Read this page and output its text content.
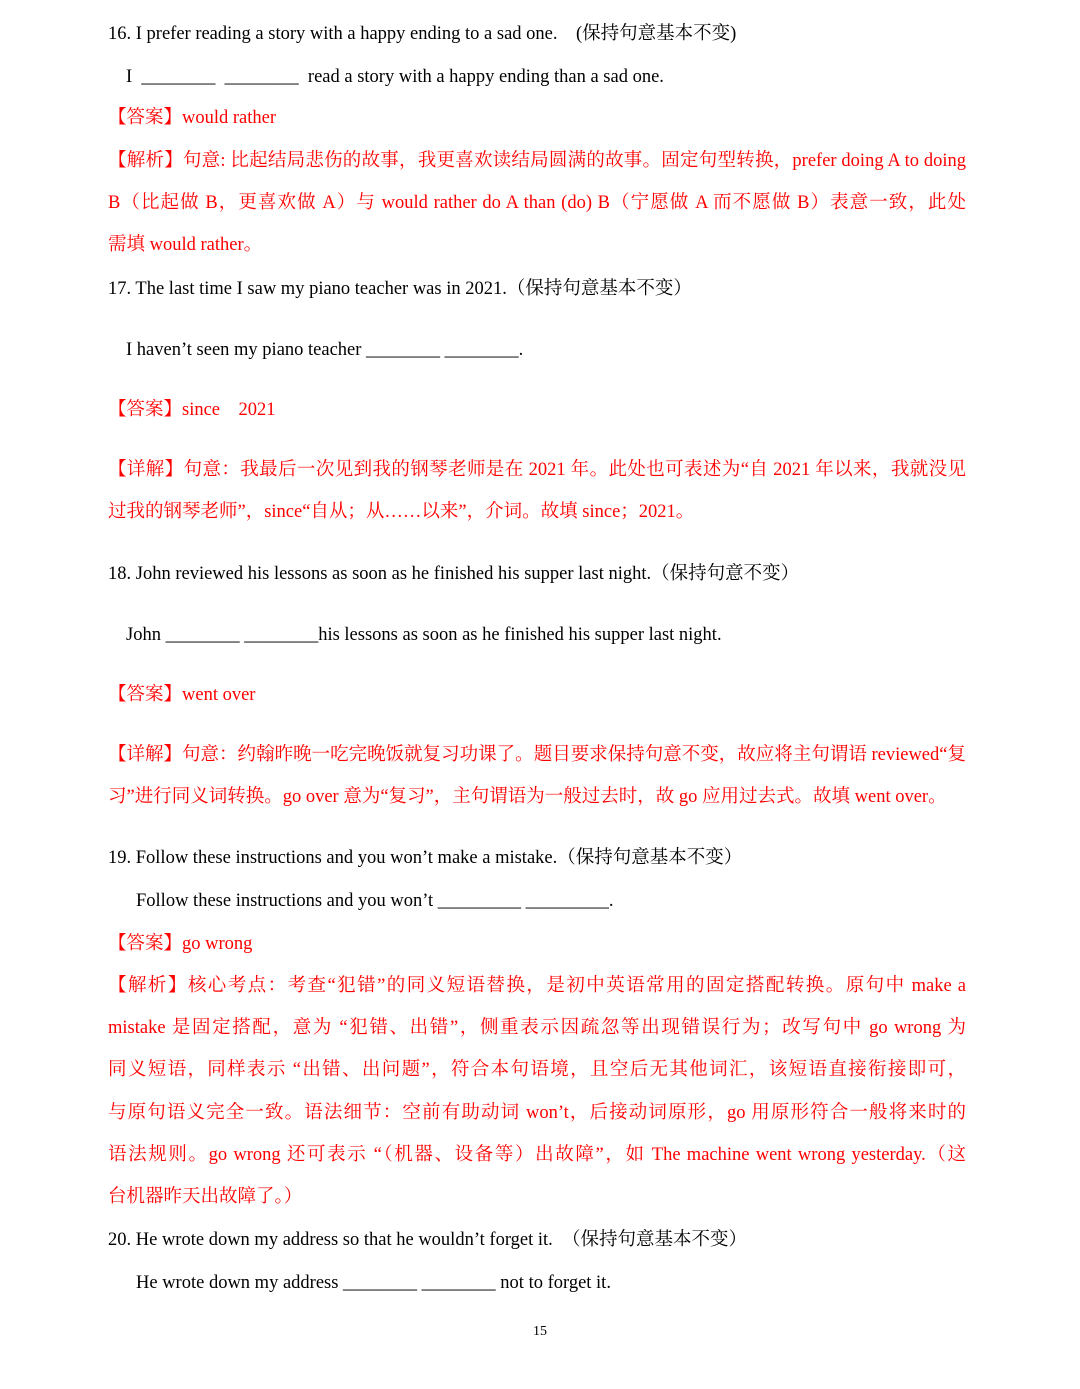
16. I prefer reading a story with a happy ending to a sad one.    (保持句意基本不变)
I  ________  ________  read a story with a happy ending than a sad one.
【答案】would rather
【解析】句意: 比起结局悲伤的故事，我更喜欢读结局圆满的故事。固定句型转换，prefer doing A to doing
B（比起做 B，更喜欢做 A）与 would rather do A than (do) B（宁愿做 A 而不愿做 B）表意一致，此处
需填 would rather。
17. The last time I saw my piano teacher was in 2021.（保持句意基本不变）
I haven’t seen my piano teacher ________ ________.
【答案】since    2021
【详解】句意：我最后一次见到我的钢琴老师是在 2021 年。此处也可表述为“自 2021 年以来，我就没见
过我的钢琴老师”，since“自从；从……以来”，介词。故填 since；2021。
18. John reviewed his lessons as soon as he finished his supper last night.（保持句意不变）
John ________ ________his lessons as soon as he finished his supper last night.
【答案】went over
【详解】句意：约翰昨晚一吃完晚饭就复习功课了。题目要求保持句意不变，故应将主句谓语 reviewed“复
习”进行同义词转换。go over 意为“复习”，主句谓语为一般过去时，故 go 应用过去式。故填 went over。
19. Follow these instructions and you won’t make a mistake.（保持句意基本不变）
Follow these instructions and you won’t _________ _________.
【答案】go wrong
【解析】核心考点：考查“犯错”的同义短语替换，是初中英语常用的固定搭配转换。原句中 make a
mistake 是固定搭配，意为 “犯错、出错”，侧重表示因疏忽等出现错误行为；改写句中 go wrong 为
同义短语，同样表示 “出错、出问题”，符合本句语境，且空后无其他词汇，该短语直接衔接即可，
与原句语义完全一致。语法细节：空前有助动词 won’t，后接动词原形，go 用原形符合一般将来时的
语法规则。go wrong 还可表示 “（机器、设备等）出故障”，如 The machine went wrong yesterday.（这
台机器昨天出故障了。）
20. He wrote down my address so that he wouldn’t forget it.  （保持句意基本不变）
He wrote down my address ________ ________ not to forget it.
15
